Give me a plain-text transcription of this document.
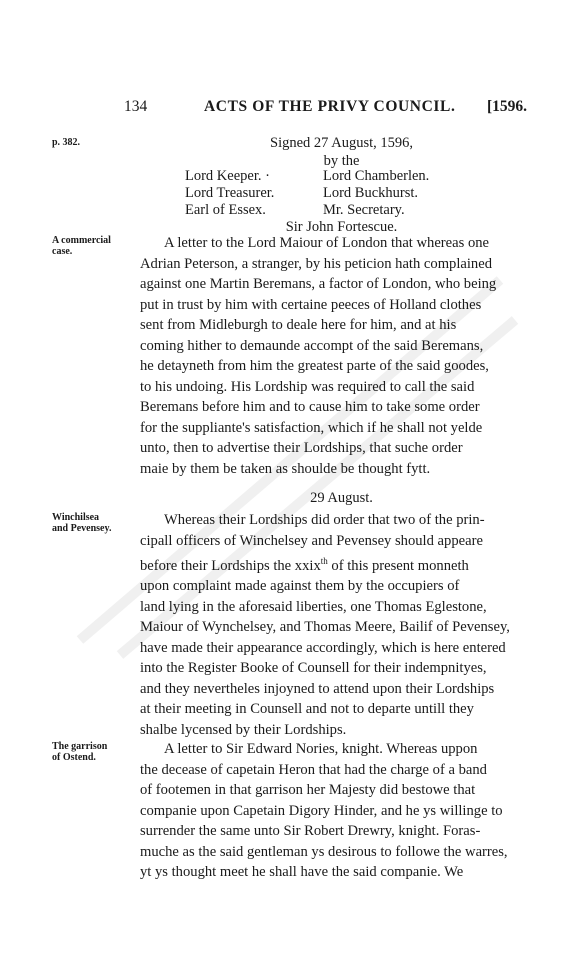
134	ACTS OF THE PRIVY COUNCIL. [1596.
p. 382.	Signed 27 August, 1596,
by the
Lord Keeper. ·	Lord Chamberlen.
Lord Treasurer.	Lord Buckhurst.
Earl of Essex.	Mr. Secretary.
Sir John Fortescue.
A commercial
case.

A letter to the Lord Maiour of London that whereas one

Adrian Peterson, a stranger, by his peticion hath complained

against one Martin Beremans, a factor of London, who being

put in trust by him with certaine peeces of Holland clothes

sent from Midleburgh to deale here for him, and at his

coming hither to demaunde accompt of the said Beremans,

he detayneth from him the greatest parte of the said goodes,

to his undoing. His Lordship was required to call the said

Beremans before him and to cause him to take some order

for the suppliante's satisfaction, which if he shall not yelde

unto, then to advertise their Lordships, that suche order

maie by them be taken as shoulde be thought fytt.

29 August.
Winchilsea
and Pevensey.

Whereas their Lordships did order that two of the prin-

cipall officers of Winchelsey and Pevensey should appeare

before their Lordships the xxix$^{th}$ of this present monneth

upon complaint made against them by the occupiers of

land lying in the aforesaid liberties, one Thomas Eglestone,

Maiour of Wynchelsey, and Thomas Meere, Bailif of Pevensey,

have made their appearance accordingly, which is here entered

into the Register Booke of Counsell for their indempnityes,

and they nevertheles injoyned to attend upon their Lordships

at their meeting in Counsell and not to departe untill they

shalbe lycensed by their Lordships.

The garrison
of Ostend.

A letter to Sir Edward Nories, knight. Whereas uppon

the decease of capetain Heron that had the charge of a band

of footemen in that garrison her Majesty did bestowe that

companie upon Capetain Digory Hinder, and he ys willinge to

surrender the same unto Sir Robert Drewry, knight. Foras-

muche as the said gentleman ys desirous to followe the warres,

yt ys thought meet he shall have the said companie. We
